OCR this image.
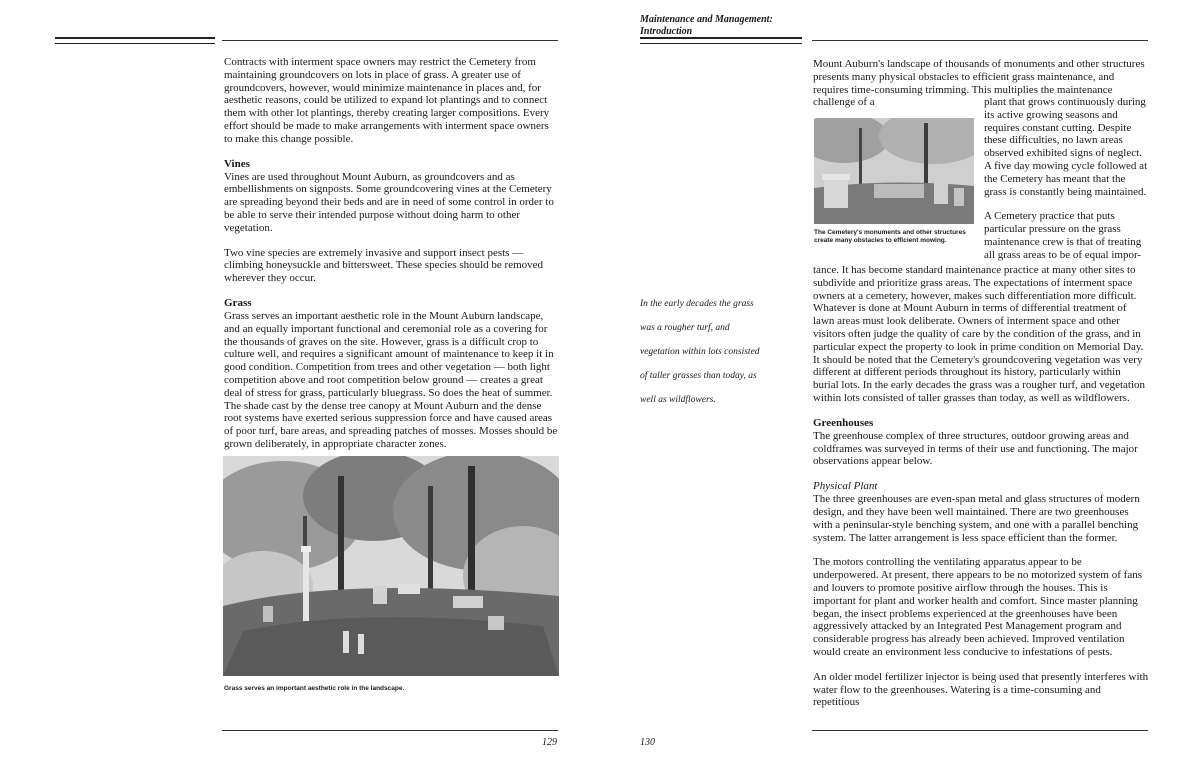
Contracts with interment space owners may restrict the Cemetery from maintaining groundcovers on lots in place of grass. A greater use of groundcovers, however, would minimize maintenance in places and, for aesthetic reasons, could be utilized to expand lot plantings and to connect them with other lot plantings, thereby creating larger compositions. Every effort should be made to make arrangements with interment space owners to make this change possible.

Vines

Vines are used throughout Mount Auburn, as groundcovers and as embellishments on signposts. Some groundcovering vines at the Cemetery are spreading beyond their beds and are in need of some control in order to be able to serve their intended purpose without doing harm to other vegetation.

Two vine species are extremely invasive and support insect pests — climbing honeysuckle and bittersweet. These species should be removed wherever they occur.

Grass

Grass serves an important aesthetic role in the Mount Auburn landscape, and an equally important functional and ceremonial role as a covering for the thousands of graves on the site. However, grass is a difficult crop to culture well, and requires a significant amount of maintenance to keep it in good condition. Competition from trees and other vegetation — both light competition above and root competition below ground — creates a great deal of stress for grass, particularly bluegrass. So does the heat of summer. The shade cast by the dense tree canopy at Mount Auburn and the dense root systems have exerted serious suppression force and have caused areas of poor turf, bare areas, and spreading patches of mosses. Mosses should be grown deliberately, in appropriate character zones.

Grass serves an important aesthetic role in the landscape.
129
Maintenance and Management:
Introduction
In the early decades the grass was a rougher turf, and vegetation within lots consisted of taller grasses than today, as well as wildflowers.

Mount Auburn's landscape of thousands of monuments and other structures presents many physical obstacles to efficient grass maintenance, and requires time-consuming trimming. This multiplies the maintenance challenge of a	plant that grows continuously during its active growing seasons and requires constant cutting. Despite these difficulties, no lawn areas observed exhibited signs of neglect. A five day mowing cycle followed at the Cemetery has meant that the grass is constantly being maintained.

A Cemetery practice that puts particular pressure on the grass maintenance crew is that of treating all grass areas to be of equal impor-

The Cemetery's monuments and other structures create many obstacles to efficient mowing.

tance. It has become standard maintenance practice at many other sites to subdivide and prioritize grass areas. The expectations of interment space owners at a cemetery, however, makes such differentiation more difficult. Whatever is done at Mount Auburn in terms of differential treatment of lawn areas must look deliberate. Owners of interment space and other visitors often judge the quality of care by the condition of the grass, and in particular expect the property to look in prime condition on Memorial Day. It should be noted that the Cemetery's groundcovering vegetation was very different at different periods throughout its history, particularly within burial lots. In the early decades the grass was a rougher turf, and vegetation within lots consisted of taller grasses than today, as well as wildflowers.

Greenhouses

The greenhouse complex of three structures, outdoor growing areas and coldframes was surveyed in terms of their use and functioning. The major observations appear below.

Physical Plant

The three greenhouses are even-span metal and glass structures of modern design, and they have been well maintained. There are two greenhouses with a peninsular-style benching system, and one with a parallel benching system. The latter arrangement is less space efficient than the former.

The motors controlling the ventilating apparatus appear to be underpowered. At present, there appears to be no motorized system of fans and louvers to promote positive airflow through the houses. This is important for plant and worker health and comfort. Since master planning began, the insect problems experienced at the greenhouses have been aggressively attacked by an Integrated Pest Management program and considerable progress has already been achieved. Improved ventilation would create an environment less conducive to infestations of pests.

An older model fertilizer injector is being used that presently interferes with water flow to the greenhouses. Watering is a time-consuming and repetitious

130
